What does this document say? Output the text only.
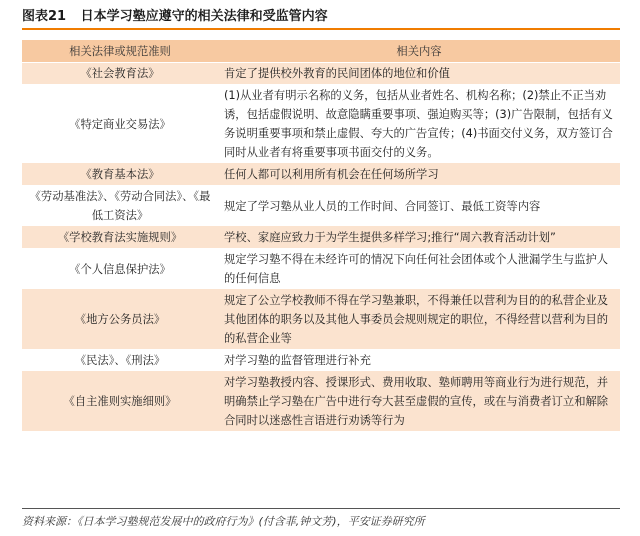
图表21 日本学习塾应遵守的相关法律和受监管内容
相关法律或规范准则	相关内容
《社会教育法》	肯定了提供校外教育的民间团体的地位和价值
《特定商业交易法》	(1)从业者有明示名称的义务，包括从业者姓名、机构名称；(2)禁止不正当劝诱，包括虚假说明、故意隐瞒重要事项、强迫购买等；(3)广告限制，包括有义务说明重要事项和禁止虚假、夸大的广告宣传；(4)书面交付义务，双方签订合同时从业者有将重要事项书面交付的义务。
《教育基本法》	任何人都可以利用所有机会在任何场所学习
《劳动基准法》、《劳动合同法》、《最低工资法》	规定了学习塾从业人员的工作时间、合同签订、最低工资等内容
《学校教育法实施规则》	学校、家庭应致力于为学生提供多样学习;推行“周六教育活动计划”
《个人信息保护法》	规定学习塾不得在未经许可的情况下向任何社会团体或个人泄漏学生与监护人的任何信息
《地方公务员法》	规定了公立学校教师不得在学习塾兼职，不得兼任以营利为目的的私营企业及其他团体的职务以及其他人事委员会规则规定的职位，不得经营以营利为目的的私营企业等
《民法》、《刑法》	对学习塾的监督管理进行补充
《自主准则实施细则》	对学习塾教授内容、授课形式、费用收取、塾师聘用等商业行为进行规范，并明确禁止学习塾在广告中进行夸大甚至虚假的宣传，或在与消费者订立和解除合同时以迷惑性言语进行劝诱等行为
资料来源：《日本学习塾规范发展中的政府行为》(付含菲,钟文芳)，平安证券研究所
